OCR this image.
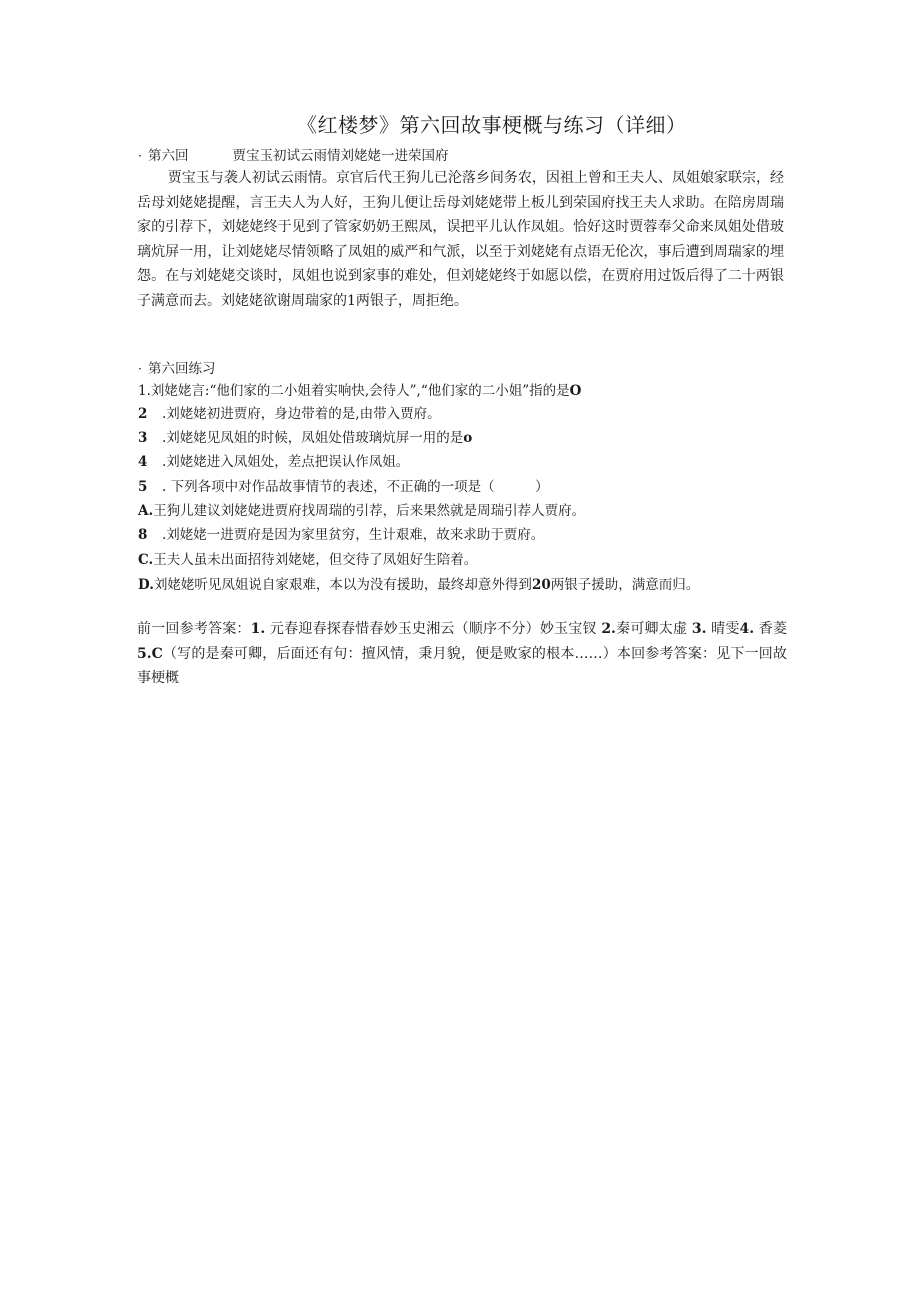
《红楼梦》第六回故事梗概与练习（详细）
· 第六回	贾宝玉初试云雨情刘姥姥一进荣国府

贾宝玉与袭人初试云雨情。京官后代王狗儿已沦落乡间务农，因祖上曾和王夫人、凤姐娘家联宗，经岳母刘姥姥提醒，言王夫人为人好，王狗儿便让岳母刘姥姥带上板儿到荣国府找王夫人求助。在陪房周瑞家的引荐下，刘姥姥终于见到了管家奶奶王熙凤，误把平儿认作凤姐。恰好这时贾蓉奉父命来凤姐处借玻璃炕屏一用，让刘姥姥尽情领略了凤姐的威严和气派，以至于刘姥姥有点语无伦次，事后遭到周瑞家的埋怨。在与刘姥姥交谈时，凤姐也说到家事的难处，但刘姥姥终于如愿以偿，在贾府用过饭后得了二十两银子满意而去。刘姥姥欲谢周瑞家的1两银子，周拒绝。

· 第六回练习
1.刘姥姥言:“他们家的二小姐着实响快,会待人”,“他们家的二小姐”指的是O
2 .刘姥姥初进贾府，身边带着的是,由带入贾府。
3 .刘姥姥见凤姐的时候，凤姐处借玻璃炕屏一用的是o
4 .刘姥姥进入凤姐处，差点把误认作凤姐。
5 . 下列各项中对作品故事情节的表述，不正确的一项是（　　　）
A.王狗儿建议刘姥姥进贾府找周瑞的引荐，后来果然就是周瑞引荐人贾府。
8 .刘姥姥一进贾府是因为家里贫穷，生计艰难，故来求助于贾府。
C.王夫人虽未出面招待刘姥姥，但交待了凤姐好生陪着。
D.刘姥姥听见凤姐说自家艰难，本以为没有援助，最终却意外得到20两银子援助，满意而归。

前一回参考答案：1. 元春迎春探春惜春妙玉史湘云（顺序不分）妙玉宝钗 2.秦可卿太虚 3. 晴雯4. 香菱 5.C（写的是秦可卿，后面还有句：擅风情，秉月貌，便是败家的根本……）本回参考答案：见下一回故事梗概
